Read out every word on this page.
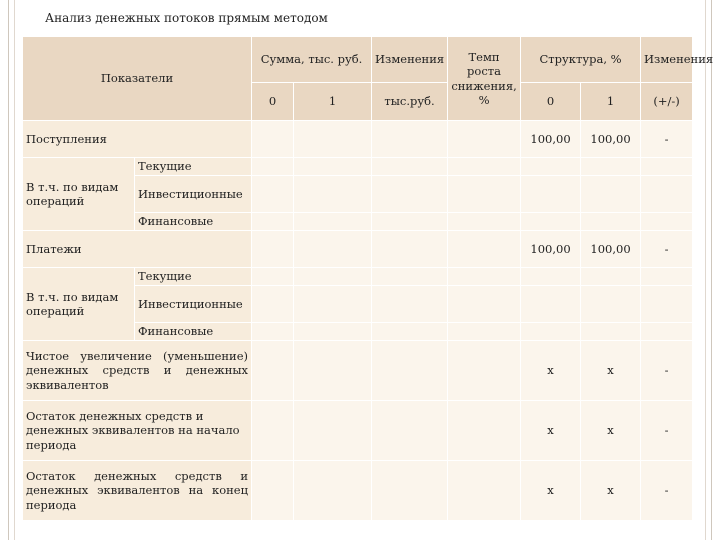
Анализ денежных потоков прямым методом
Показатели		Сумма, тыс. руб.		Изменения	Темп роста снижения, %	Структура, %		Изменения
		0	1	тыс.руб.		0	1	(+/-)
Поступления						100,00	100,00	-
В т.ч. по видам операций	Текущие							
	Инвестиционные							
	Финансовые							
Платежи						100,00	100,00	-
В т.ч. по видам операций	Текущие							
	Инвестиционные							
	Финансовые							
Чистое увеличение (уменьшение) денежных средств и денежных эквивалентов						х	х	-
Остаток денежных средств и денежных эквивалентов на начало периода						х	х	-
Остаток денежных средств и денежных эквивалентов на конец периода						х	х	-
